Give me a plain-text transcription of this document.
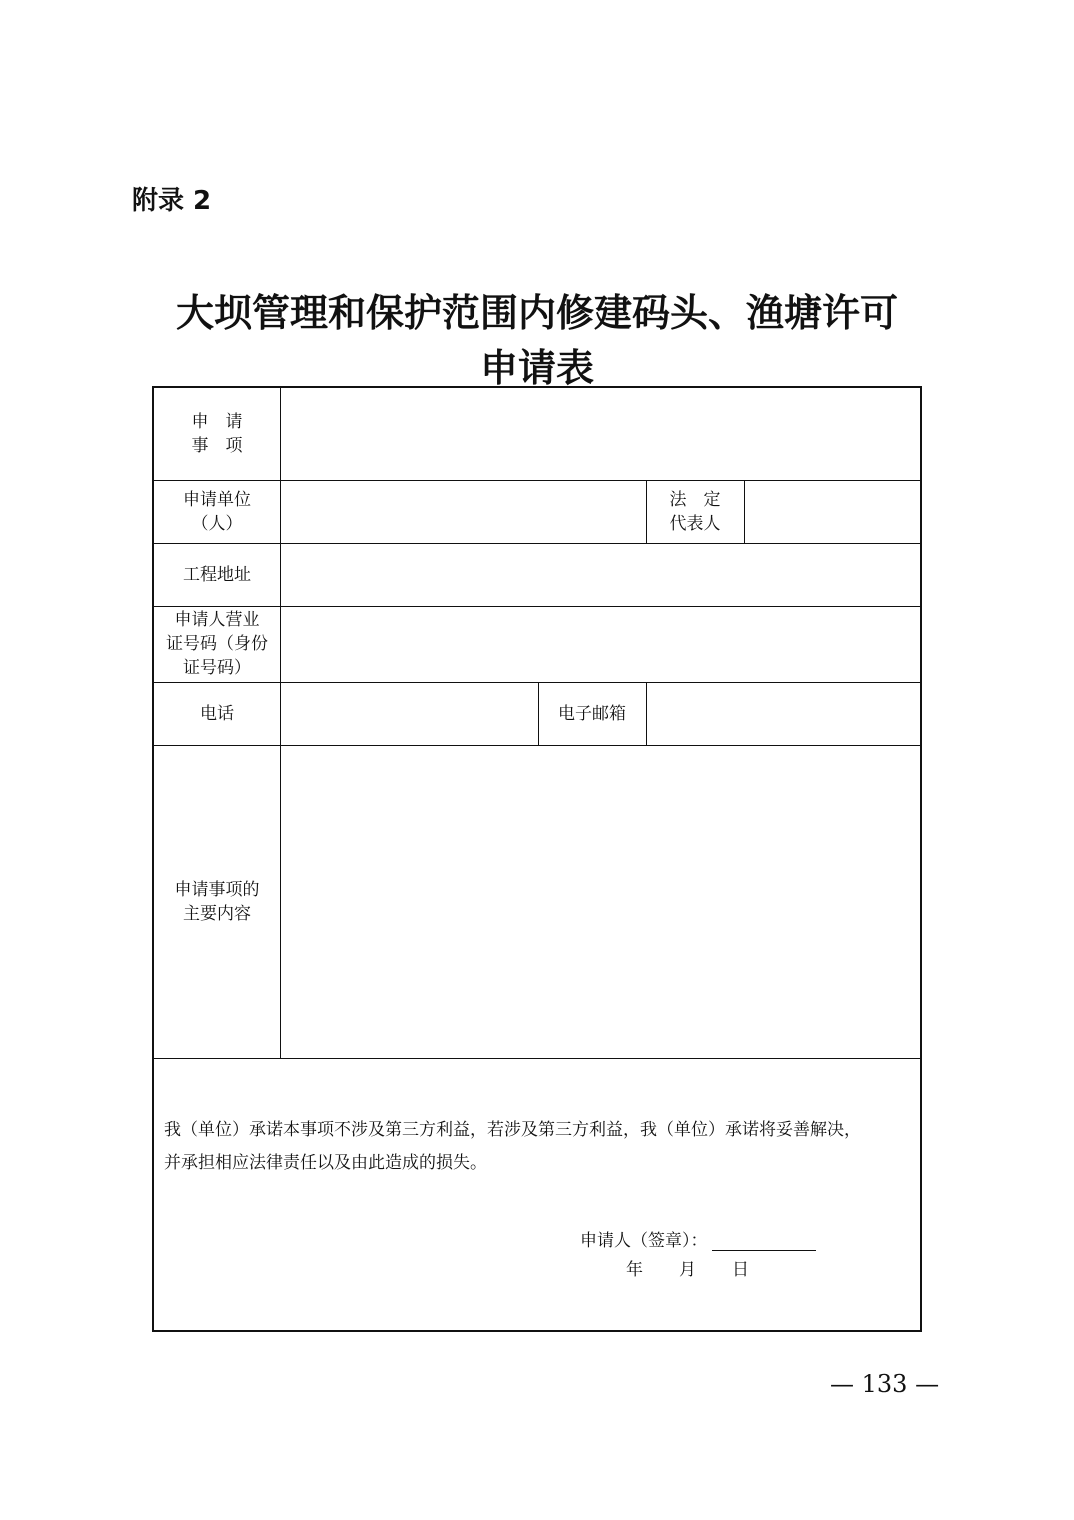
附录 2
大坝管理和保护范围内修建码头、渔塘许可
申请表
申　请
事　项
申请单位
（人）
法　定
代表人
工程地址
申请人营业
证号码（身份
证号码）
电话	电子邮箱
申请事项的
主要内容
我（单位）承诺本事项不涉及第三方利益，若涉及第三方利益，我（单位）承诺将妥善解决，
并承担相应法律责任以及由此造成的损失。
申请人（签章）：
年 月 日
— 133 —
